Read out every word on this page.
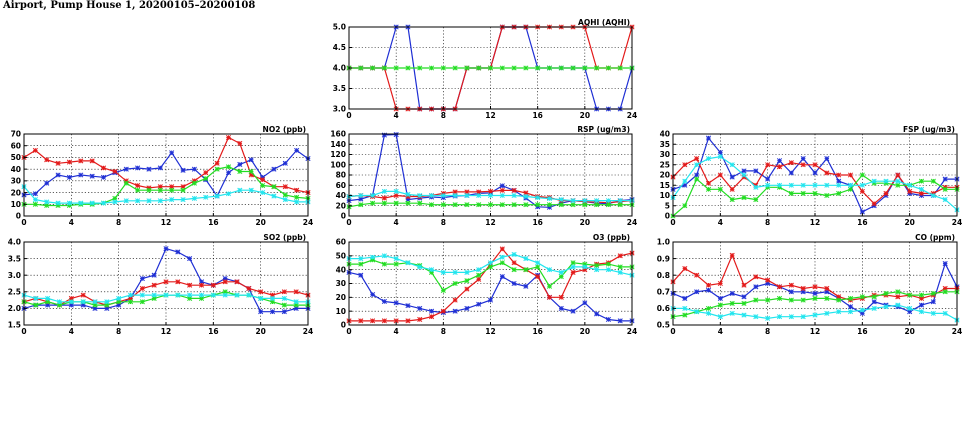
Airport, Pump House 1, 20200105–20200108
0	4	8	12	16	20	24
3.0
3.5
4.0
4.5
5.0
AQHI (AQHI)
0	4	8	12	16	20	24
0
10
20
30
40
50
60
70
NO2 (ppb)
0	4	8	12	16	20	24
0
20
40
60
80
100
120
140
160
RSP (ug/m3)
0	4	8	12	16	20	24
0
5
10
15
20
25
30
35
40
FSP (ug/m3)
0	4	8	12	16	20	24
1.5
2.0
2.5
3.0
3.5
4.0
SO2 (ppb)
0	4	8	12	16	20	24
0
10
20
30
40
50
60
O3 (ppb)
0	4	8	12	16	20	24
0.5
0.6
0.7
0.8
0.9
1.0
CO (ppm)
